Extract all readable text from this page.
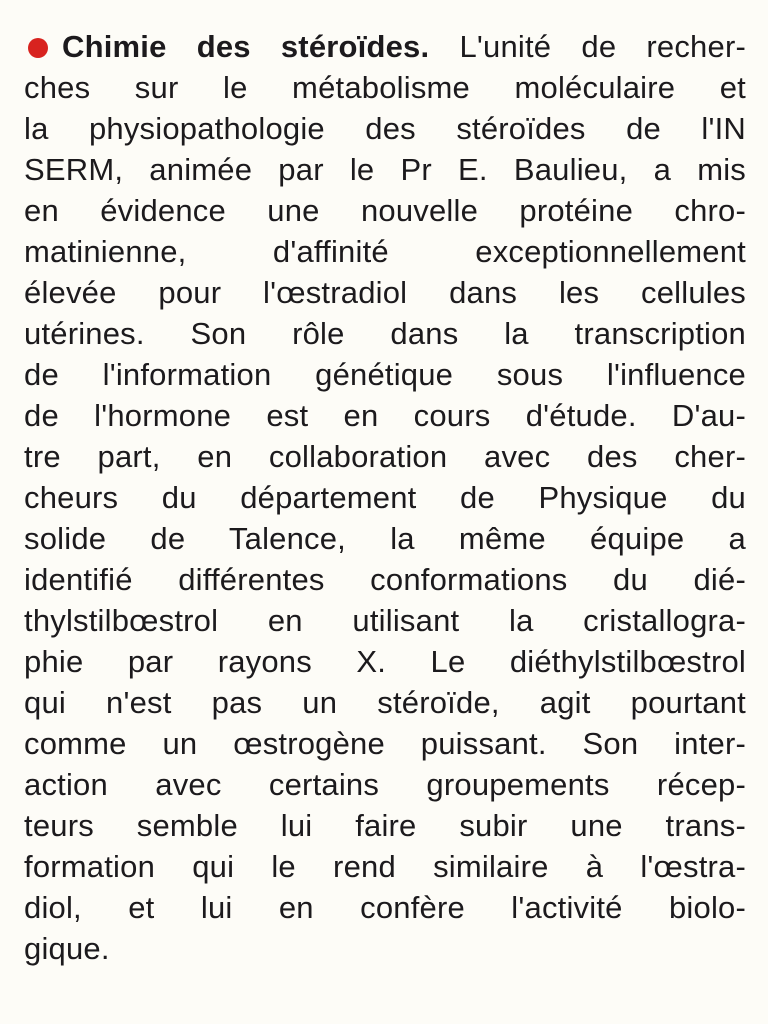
Chimie des stéroïdes. L'unité de recher-
ches sur le métabolisme moléculaire et
la physiopathologie des stéroïdes de l'IN
SERM, animée par le Pr E. Baulieu, a mis
en évidence une nouvelle protéine chro-
matinienne, d'affinité exceptionnellement
élevée pour l'œstradiol dans les cellules
utérines. Son rôle dans la transcription
de l'information génétique sous l'influence
de l'hormone est en cours d'étude. D'au-
tre part, en collaboration avec des cher-
cheurs du département de Physique du
solide de Talence, la même équipe a
identifié différentes conformations du dié-
thylstilbœstrol en utilisant la cristallogra-
phie par rayons X. Le diéthylstilbœstrol
qui n'est pas un stéroïde, agit pourtant
comme un œstrogène puissant. Son inter-
action avec certains groupements récep-
teurs semble lui faire subir une trans-
formation qui le rend similaire à l'œstra-
diol, et lui en confère l'activité biolo-
gique.
